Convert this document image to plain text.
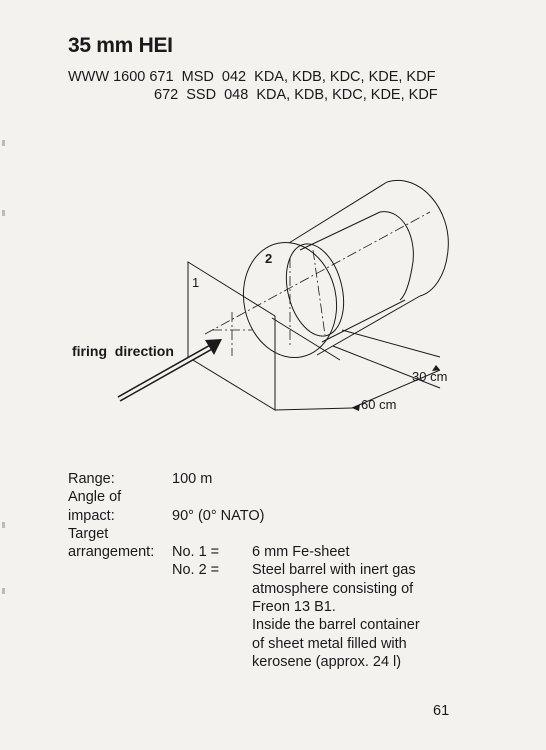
35 mm HEI
WWW 1600 671  MSD  042  KDA, KDB, KDC, KDE, KDF
672  SSD  048  KDA, KDB, KDC, KDE, KDF
1
2
firing  direction
30 cm
60 cm
Range:	100 m
Angle of
impact:	90° (0° NATO)
Target
arrangement:	No. 1 =	6 mm Fe-sheet
No. 2 =	Steel barrel with inert gas
atmosphere consisting of
Freon 13 B1.
Inside the barrel container
of sheet metal filled with
kerosene (approx. 24 l)
61
